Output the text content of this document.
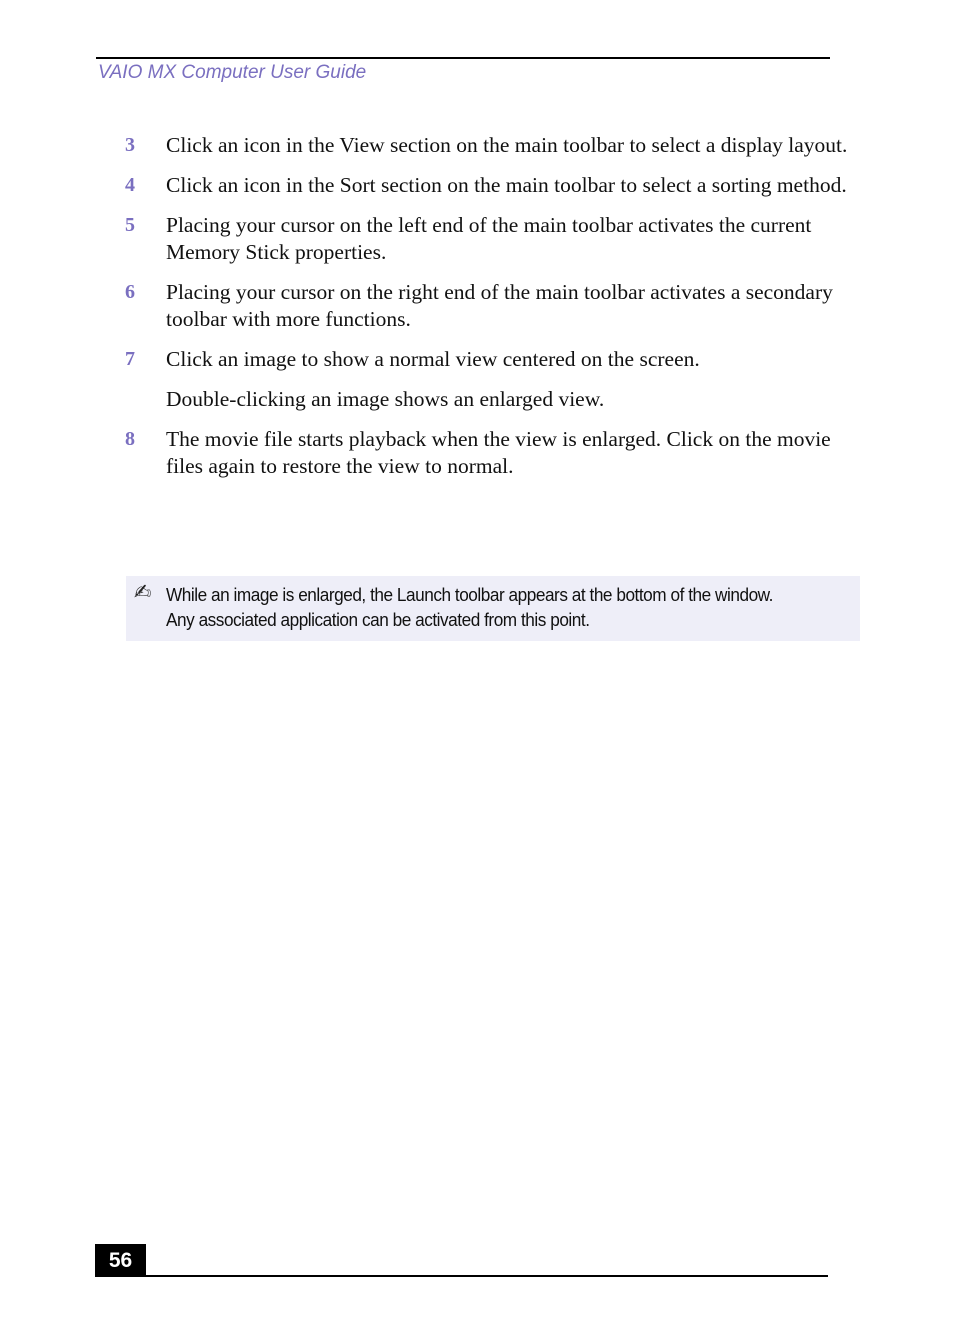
VAIO MX Computer User Guide
3	Click an icon in the View section on the main toolbar to select a display layout.

4	Click an icon in the Sort section on the main toolbar to select a sorting method.

5	Placing your cursor on the left end of the main toolbar activates the current Memory Stick properties.

6	Placing your cursor on the right end of the main toolbar activates a secondary toolbar with more functions.

7	Click an image to show a normal view centered on the screen.

Double-clicking an image shows an enlarged view.

8	The movie file starts playback when the view is enlarged. Click on the movie files again to restore the view to normal.

✍ While an image is enlarged, the Launch toolbar appears at the bottom of the window.
Any associated application can be activated from this point.
56
